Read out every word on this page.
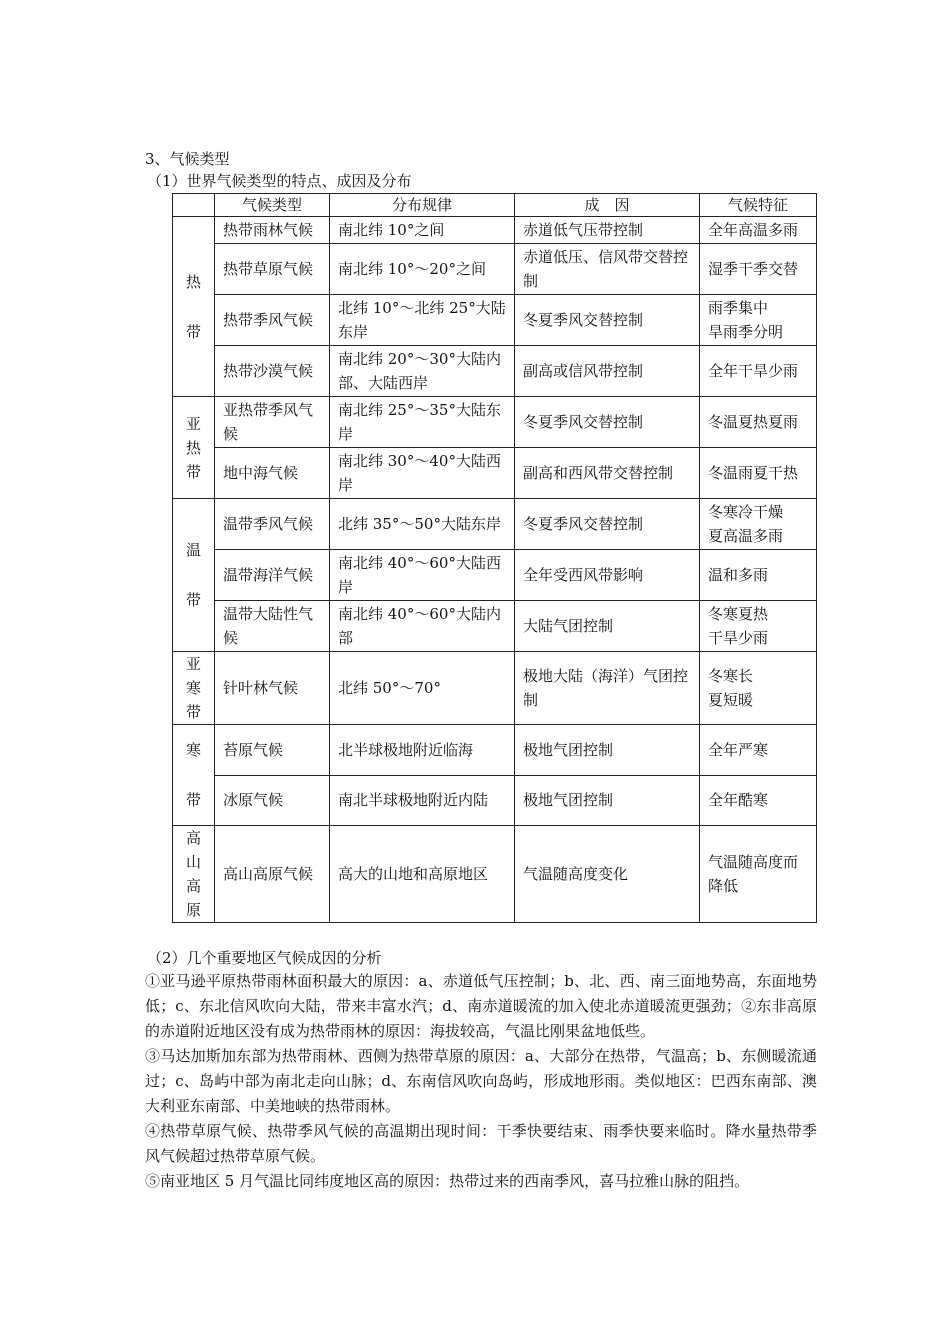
3、气候类型
（1）世界气候类型的特点、成因及分布
	气候类型	分布规律	成　因	气候特征
热带	热带雨林气候	南北纬 10°之间	赤道低气压带控制	全年高温多雨
	热带草原气候	南北纬 10°～20°之间	赤道低压、信风带交替控制	湿季干季交替
	热带季风气候	北纬 10°～北纬 25°大陆东岸	冬夏季风交替控制	雨季集中
旱雨季分明
	热带沙漠气候	南北纬 20°～30°大陆内部、大陆西岸	副高或信风带控制	全年干旱少雨
亚热带	亚热带季风气候	南北纬 25°～35°大陆东岸	冬夏季风交替控制	冬温夏热夏雨
	地中海气候	南北纬 30°～40°大陆西岸	副高和西风带交替控制	冬温雨夏干热
温带	温带季风气候	北纬 35°～50°大陆东岸	冬夏季风交替控制	冬寒冷干燥
夏高温多雨
	温带海洋气候	南北纬 40°～60°大陆西岸	全年受西风带影响	温和多雨
	温带大陆性气候	南北纬 40°～60°大陆内部	大陆气团控制	冬寒夏热
干旱少雨
亚寒带	针叶林气候	北纬 50°～70°	极地大陆（海洋）气团控制	冬寒长
夏短暖
寒带	苔原气候	北半球极地附近临海	极地气团控制	全年严寒
	冰原气候	南北半球极地附近内陆	极地气团控制	全年酷寒
高山高原	高山高原气候	高大的山地和高原地区	气温随高度变化	气温随高度而降低
（2）几个重要地区气候成因的分析
①亚马逊平原热带雨林面积最大的原因：a、赤道低气压控制；b、北、西、南三面地势高，东面地势低；c、东北信风吹向大陆，带来丰富水汽；d、南赤道暖流的加入使北赤道暖流更强劲；②东非高原的赤道附近地区没有成为热带雨林的原因：海拔较高，气温比刚果盆地低些。
③马达加斯加东部为热带雨林、西侧为热带草原的原因：a、大部分在热带，气温高；b、东侧暖流通过；c、岛屿中部为南北走向山脉；d、东南信风吹向岛屿，形成地形雨。类似地区：巴西东南部、澳大利亚东南部、中美地峡的热带雨林。
④热带草原气候、热带季风气候的高温期出现时间：干季快要结束、雨季快要来临时。降水量热带季风气候超过热带草原气候。
⑤南亚地区 5 月气温比同纬度地区高的原因：热带过来的西南季风，喜马拉雅山脉的阻挡。
